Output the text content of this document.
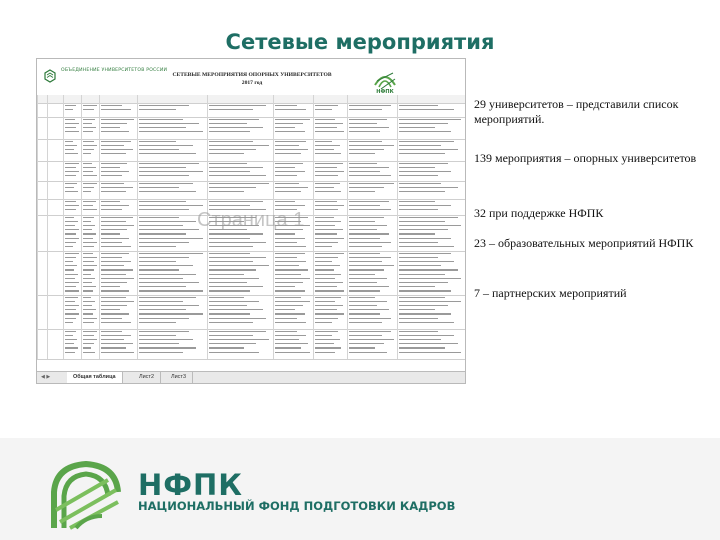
Сетевые мероприятия
ОБЪЕДИНЕНИЕ УНИВЕРСИТЕТОВ РОССИИ
СЕТЕВЫЕ МЕРОПРИЯТИЯ ОПОРНЫХ УНИВЕРСИТЕТОВ
2017 год
НФПК
Страница 1
◀ ▶	Общая таблица	Лист2	Лист3
29 университетов – представили список мероприятий.
139 мероприятия – опорных университетов
32 при поддержке НФПК
23 – образовательных мероприятий НФПК
7 – партнерских мероприятий
НФПК
НАЦИОНАЛЬНЫЙ ФОНД ПОДГОТОВКИ КАДРОВ
